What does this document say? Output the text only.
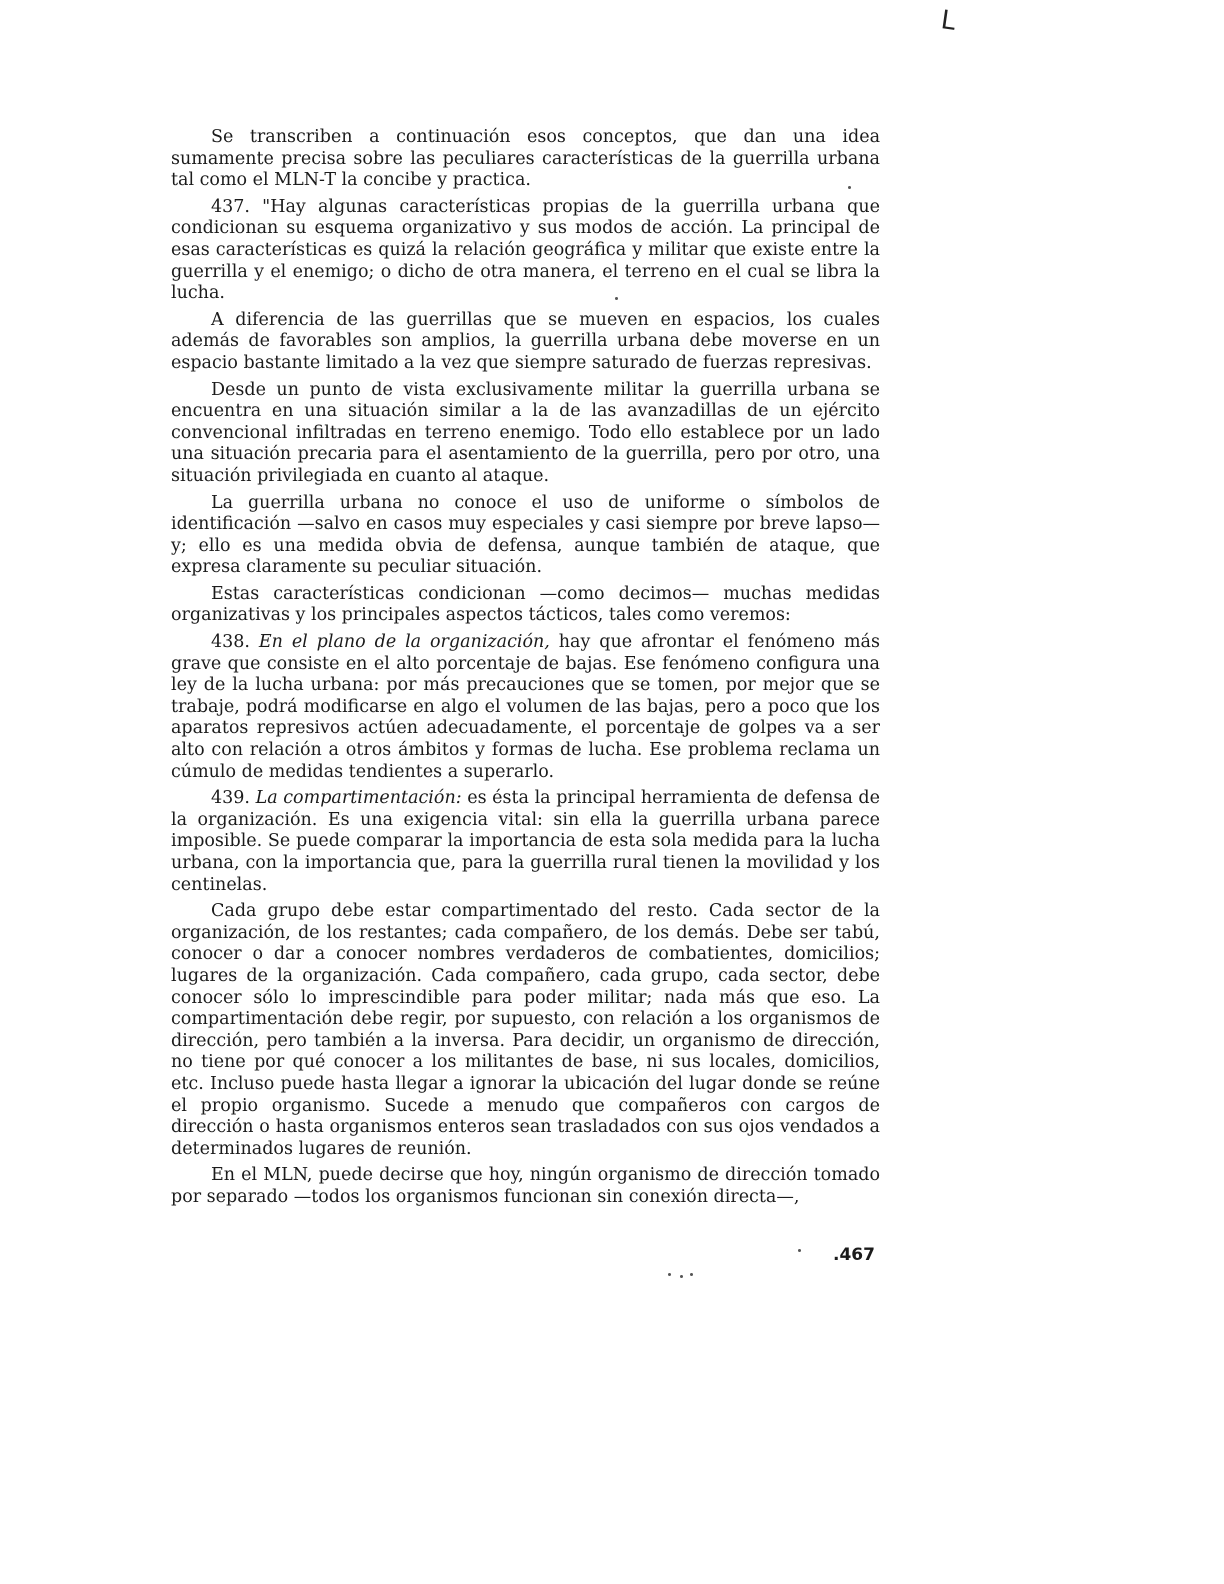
L

Se transcriben a continuación esos conceptos, que dan una idea sumamente precisa sobre las peculiares características de la guerrilla urbana tal como el MLN-T la concibe y practica.

437. "Hay algunas características propias de la guerrilla urbana que condicionan su esquema organizativo y sus modos de acción. La principal de esas características es quizá la relación geográfica y militar que existe entre la guerrilla y el enemigo; o dicho de otra manera, el terreno en el cual se libra la lucha.

A diferencia de las guerrillas que se mueven en espacios, los cuales además de favorables son amplios, la guerrilla urbana debe moverse en un espacio bastante limitado a la vez que siempre saturado de fuerzas represivas.

Desde un punto de vista exclusivamente militar la guerrilla urbana se encuentra en una situación similar a la de las avanzadillas de un ejército convencional infiltradas en terreno enemigo. Todo ello establece por un lado una situación precaria para el asentamiento de la guerrilla, pero por otro, una situación privilegiada en cuanto al ataque.

La guerrilla urbana no conoce el uso de uniforme o símbolos de identificación —salvo en casos muy especiales y casi siempre por breve lapso— y; ello es una medida obvia de defensa, aunque también de ataque, que expresa claramente su peculiar situación.

Estas características condicionan —como decimos— muchas medidas organizativas y los principales aspectos tácticos, tales como veremos:

438. En el plano de la organización, hay que afrontar el fenómeno más grave que consiste en el alto porcentaje de bajas. Ese fenómeno configura una ley de la lucha urbana: por más precauciones que se tomen, por mejor que se trabaje, podrá modificarse en algo el volumen de las bajas, pero a poco que los aparatos represivos actúen adecuadamente, el porcentaje de golpes va a ser alto con relación a otros ámbitos y formas de lucha. Ese problema reclama un cúmulo de medidas tendientes a superarlo.

439. La compartimentación: es ésta la principal herramienta de defensa de la organización. Es una exigencia vital: sin ella la guerrilla urbana parece imposible. Se puede comparar la importancia de esta sola medida para la lucha urbana, con la importancia que, para la guerrilla rural tienen la movilidad y los centinelas.

Cada grupo debe estar compartimentado del resto. Cada sector de la organización, de los restantes; cada compañero, de los demás. Debe ser tabú, conocer o dar a conocer nombres verdaderos de combatientes, domicilios; lugares de la organización. Cada compañero, cada grupo, cada sector, debe conocer sólo lo imprescindible para poder militar; nada más que eso. La compartimentación debe regir, por supuesto, con relación a los organismos de dirección, pero también a la inversa. Para decidir, un organismo de dirección, no tiene por qué conocer a los militantes de base, ni sus locales, domicilios, etc. Incluso puede hasta llegar a ignorar la ubicación del lugar donde se reúne el propio organismo. Sucede a menudo que compañeros con cargos de dirección o hasta organismos enteros sean trasladados con sus ojos vendados a determinados lugares de reunión.

En el MLN, puede decirse que hoy, ningún organismo de dirección tomado por separado —todos los organismos funcionan sin conexión directa—,

.467
